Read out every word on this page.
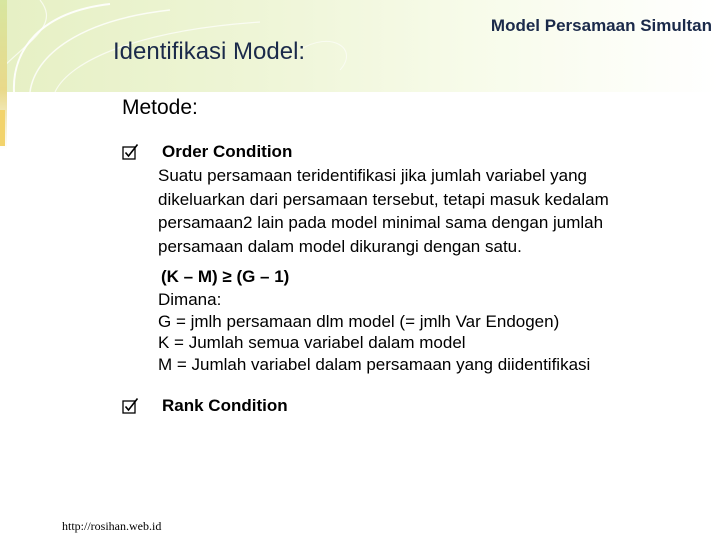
Model Persamaan Simultan
Identifikasi Model:
Metode:
Order Condition
Suatu persamaan teridentifikasi jika jumlah variabel yang
dikeluarkan dari persamaan tersebut, tetapi masuk kedalam
persamaan2 lain pada model minimal sama dengan jumlah
persamaan dalam model dikurangi dengan satu.
(K – M) ≥ (G – 1)
Dimana:
G = jmlh persamaan dlm model (= jmlh Var Endogen)
K = Jumlah semua variabel dalam model
M = Jumlah variabel dalam persamaan yang diidentifikasi
Rank Condition
http://rosihan.web.id
